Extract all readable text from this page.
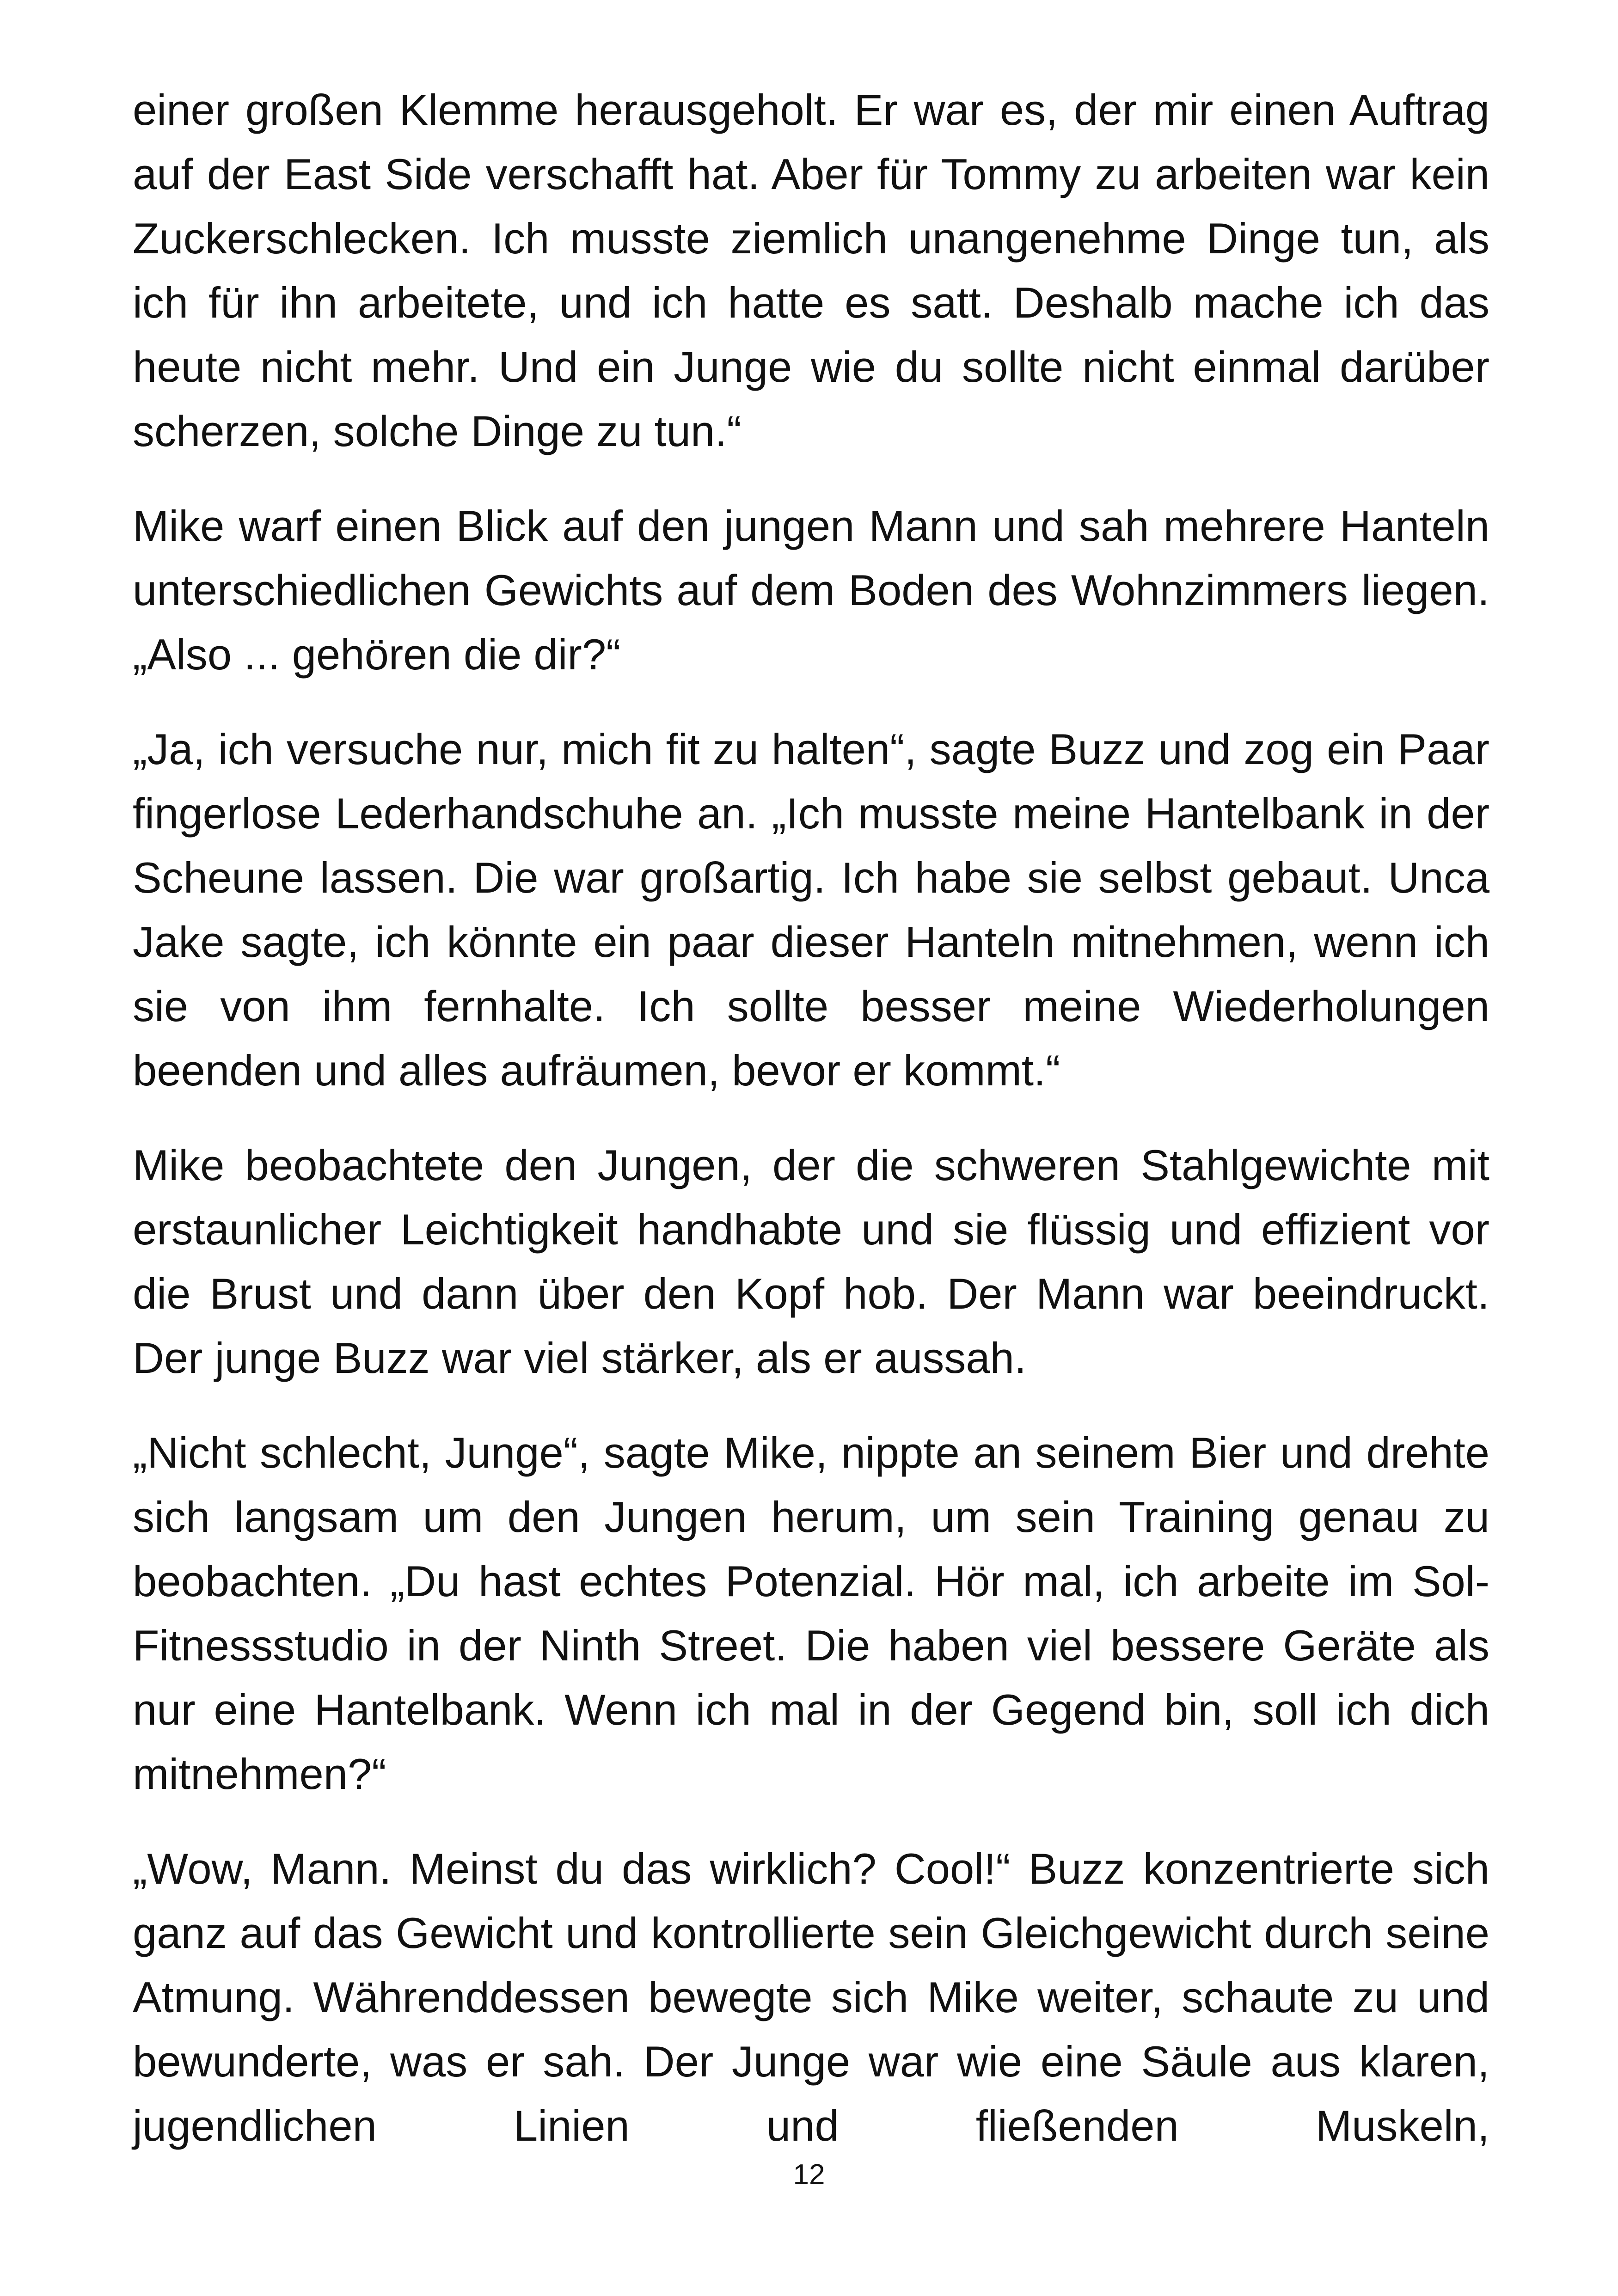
einer großen Klemme herausgeholt. Er war es, der mir einen Auftrag auf der East Side verschafft hat. Aber für Tommy zu arbeiten war kein Zuckerschlecken. Ich musste ziemlich unangenehme Dinge tun, als ich für ihn arbeitete, und ich hatte es satt. Deshalb mache ich das heute nicht mehr. Und ein Junge wie du sollte nicht einmal darüber scherzen, solche Dinge zu tun.“

Mike warf einen Blick auf den jungen Mann und sah mehrere Hanteln unterschiedlichen Gewichts auf dem Boden des Wohnzimmers liegen. „Also ... gehören die dir?“

„Ja, ich versuche nur, mich fit zu halten“, sagte Buzz und zog ein Paar fingerlose Lederhandschuhe an. „Ich musste meine Hantelbank in der Scheune lassen. Die war großartig. Ich habe sie selbst gebaut. Unca Jake sagte, ich könnte ein paar dieser Hanteln mitnehmen, wenn ich sie von ihm fernhalte. Ich sollte besser meine Wiederholungen beenden und alles aufräumen, bevor er kommt.“

Mike beobachtete den Jungen, der die schweren Stahlgewichte mit erstaunlicher Leichtigkeit handhabte und sie flüssig und effizient vor die Brust und dann über den Kopf hob. Der Mann war beeindruckt. Der junge Buzz war viel stärker, als er aussah.

„Nicht schlecht, Junge“, sagte Mike, nippte an seinem Bier und drehte sich langsam um den Jungen herum, um sein Training genau zu beobachten. „Du hast echtes Potenzial. Hör mal, ich arbeite im Sol-Fitnessstudio in der Ninth Street. Die haben viel bessere Geräte als nur eine Hantelbank. Wenn ich mal in der Gegend bin, soll ich dich mitnehmen?“

„Wow, Mann. Meinst du das wirklich? Cool!“ Buzz konzentrierte sich ganz auf das Gewicht und kontrollierte sein Gleichgewicht durch seine Atmung. Währenddessen bewegte sich Mike weiter, schaute zu und bewunderte, was er sah. Der Junge war wie eine Säule aus klaren, jugendlichen Linien und fließenden Muskeln,

12
